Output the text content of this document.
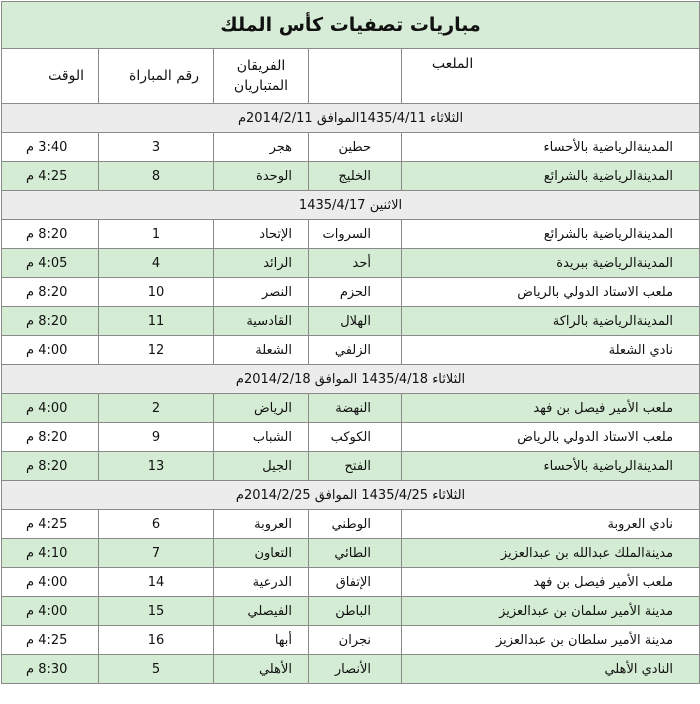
مباريات تصفيات كأس الملك				
الوقت	رقم المباراة	الفريقان المتباريان		الملعب
الثلاثاء 1435/4/11الموافق 2014/2/11م				
3:40 م	3	هجر	حطين	المدينةالرياضية بالأحساء
4:25 م	8	الوحدة	الخليج	المدينةالرياضية بالشرائع
الاثنين 1435/4/17				
8:20 م	1	الإتحاد	السروات	المدينةالرياضية بالشرائع
4:05 م	4	الرائد	أحد	المدينةالرياضية ببريدة
8:20 م	10	النصر	الحزم	ملعب الاستاد الدولي بالرياض
8:20 م	11	القادسية	الهلال	المدينةالرياضية بالراكة
4:00 م	12	الشعلة	الزلفي	نادي الشعلة
الثلاثاء 1435/4/18 الموافق 2014/2/18م				
4:00 م	2	الرياض	النهضة	ملعب الأمير فيصل بن فهد
8:20 م	9	الشباب	الكوكب	ملعب الاستاد الدولي بالرياض
8:20 م	13	الجيل	الفتح	المدينةالرياضية بالأحساء
الثلاثاء 1435/4/25 الموافق 2014/2/25م				
4:25 م	6	العروبة	الوطني	نادي العروبة
4:10 م	7	التعاون	الطائي	مدينةالملك عبدالله بن عبدالعزيز
4:00 م	14	الدرعية	الإتفاق	ملعب الأمير فيصل بن فهد
4:00 م	15	الفيصلي	الباطن	مدينة الأمير سلمان بن عبدالعزيز
4:25 م	16	أبها	نجران	مدينة الأمير سلطان بن عبدالعزيز
8:30 م	5	الأهلي	الأنصار	النادي الأهلي
